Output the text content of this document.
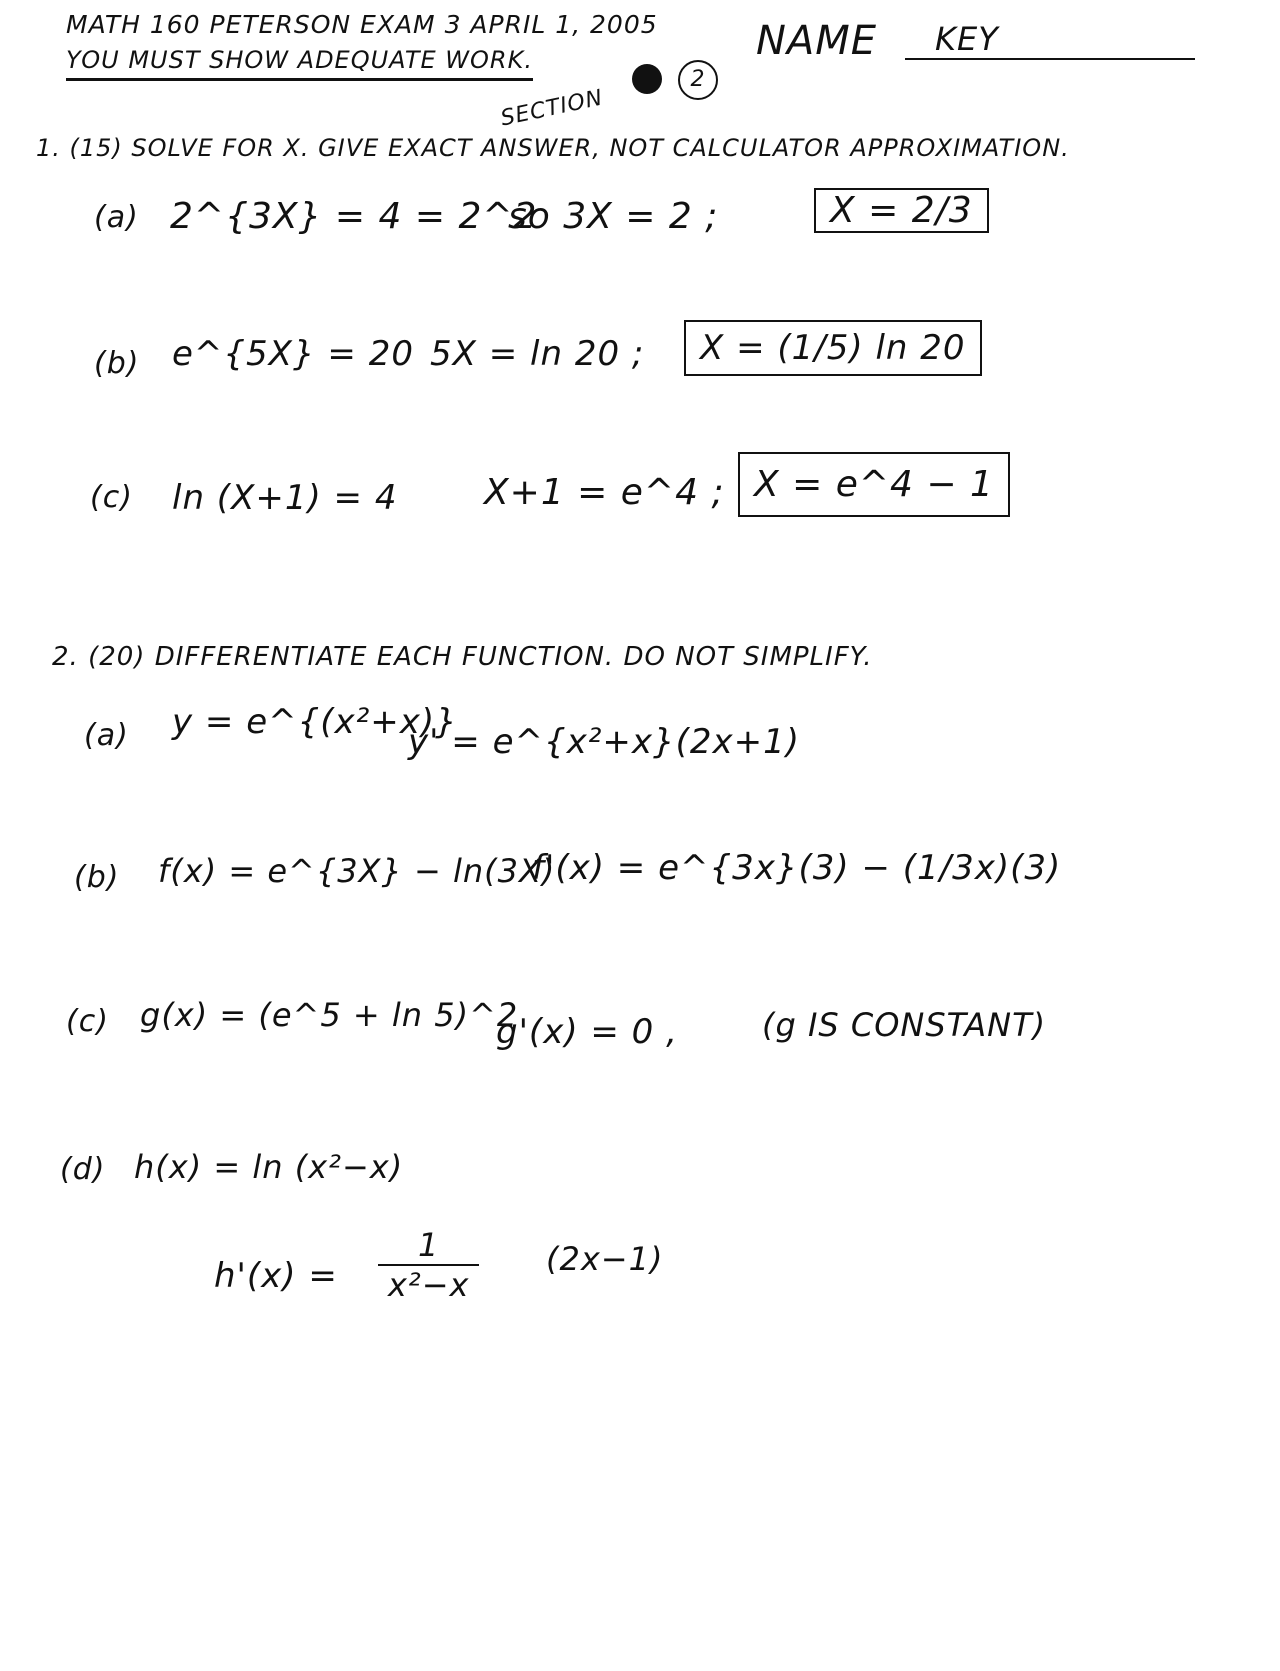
MATH 160 PETERSON EXAM 3 APRIL 1, 2005
YOU MUST SHOW ADEQUATE WORK.	NAME KEY
SECTION
2
1. (15) SOLVE FOR X. GIVE EXACT ANSWER, NOT CALCULATOR APPROXIMATION.
(a) 2^{3X} = 4 = 2^2
so 3X = 2 ;	X = 2/3
(b) e^{5X} = 20 5X = ln 20 ;	X = (1/5) ln 20
(c) ln (X+1) = 4 X+1 = e^4 ; X = e^4 − 1
2. (20) DIFFERENTIATE EACH FUNCTION. DO NOT SIMPLIFY.
(a) y = e^{(x²+x)}
y' = e^{x²+x}(2x+1)
(b) f(x) = e^{3X} − ln(3X)
f'(x) = e^{3x}(3) − (1/3x)(3)
(c) g(x) = (e^5 + ln 5)^2
g'(x) = 0 ,	(g IS CONSTANT)
(d) h(x) = ln (x²−x)
$h'(x) = \frac{1}{\text{x²−x}} (2x-1)$
